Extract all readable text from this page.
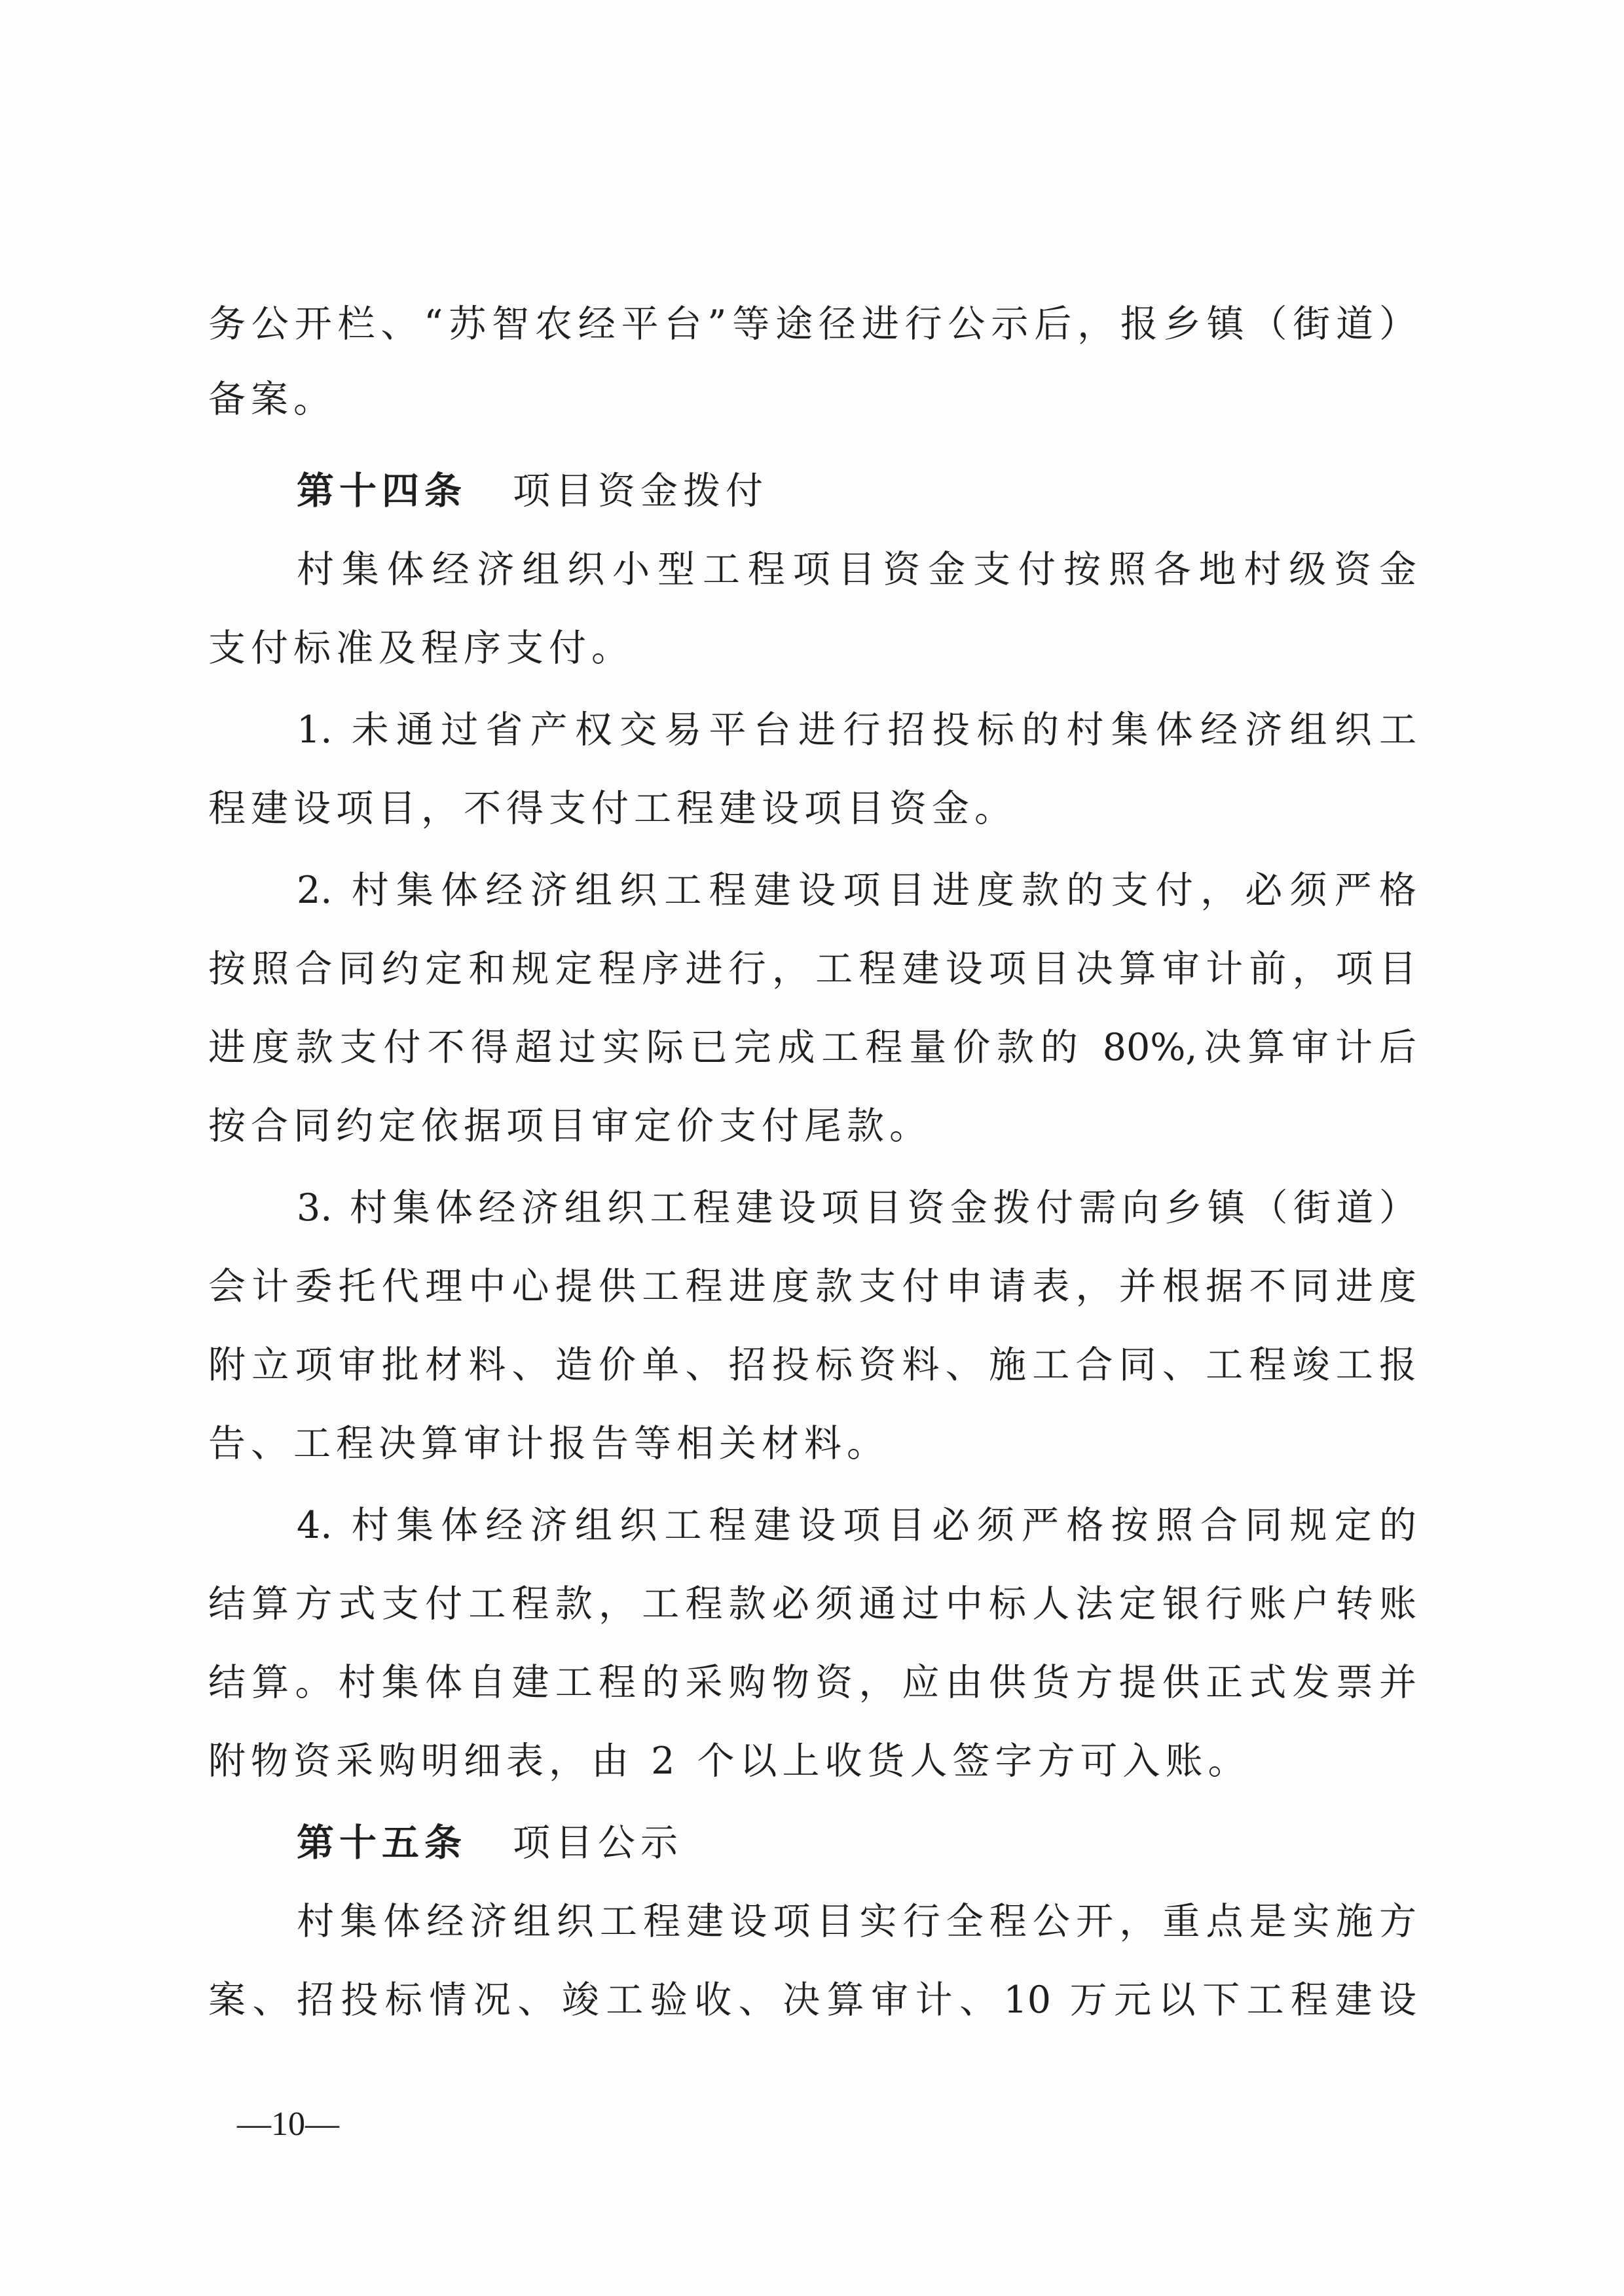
务公开栏、“苏智农经平台”等途径进行公示后，报乡镇（街道）
备案。
第十四条 项目资金拨付
村集体经济组织小型工程项目资金支付按照各地村级资金
支付标准及程序支付。
1. 未通过省产权交易平台进行招投标的村集体经济组织工
程建设项目，不得支付工程建设项目资金。
2. 村集体经济组织工程建设项目进度款的支付，必须严格
按照合同约定和规定程序进行，工程建设项目决算审计前，项目
进度款支付不得超过实际已完成工程量价款的 80%,决算审计后
按合同约定依据项目审定价支付尾款。
3. 村集体经济组织工程建设项目资金拨付需向乡镇（街道）
会计委托代理中心提供工程进度款支付申请表，并根据不同进度
附立项审批材料、造价单、招投标资料、施工合同、工程竣工报
告、工程决算审计报告等相关材料。
4. 村集体经济组织工程建设项目必须严格按照合同规定的
结算方式支付工程款，工程款必须通过中标人法定银行账户转账
结算。村集体自建工程的采购物资，应由供货方提供正式发票并
附物资采购明细表，由 2 个以上收货人签字方可入账。
第十五条 项目公示
村集体经济组织工程建设项目实行全程公开，重点是实施方
案、招投标情况、竣工验收、决算审计、10 万元以下工程建设
—10—
